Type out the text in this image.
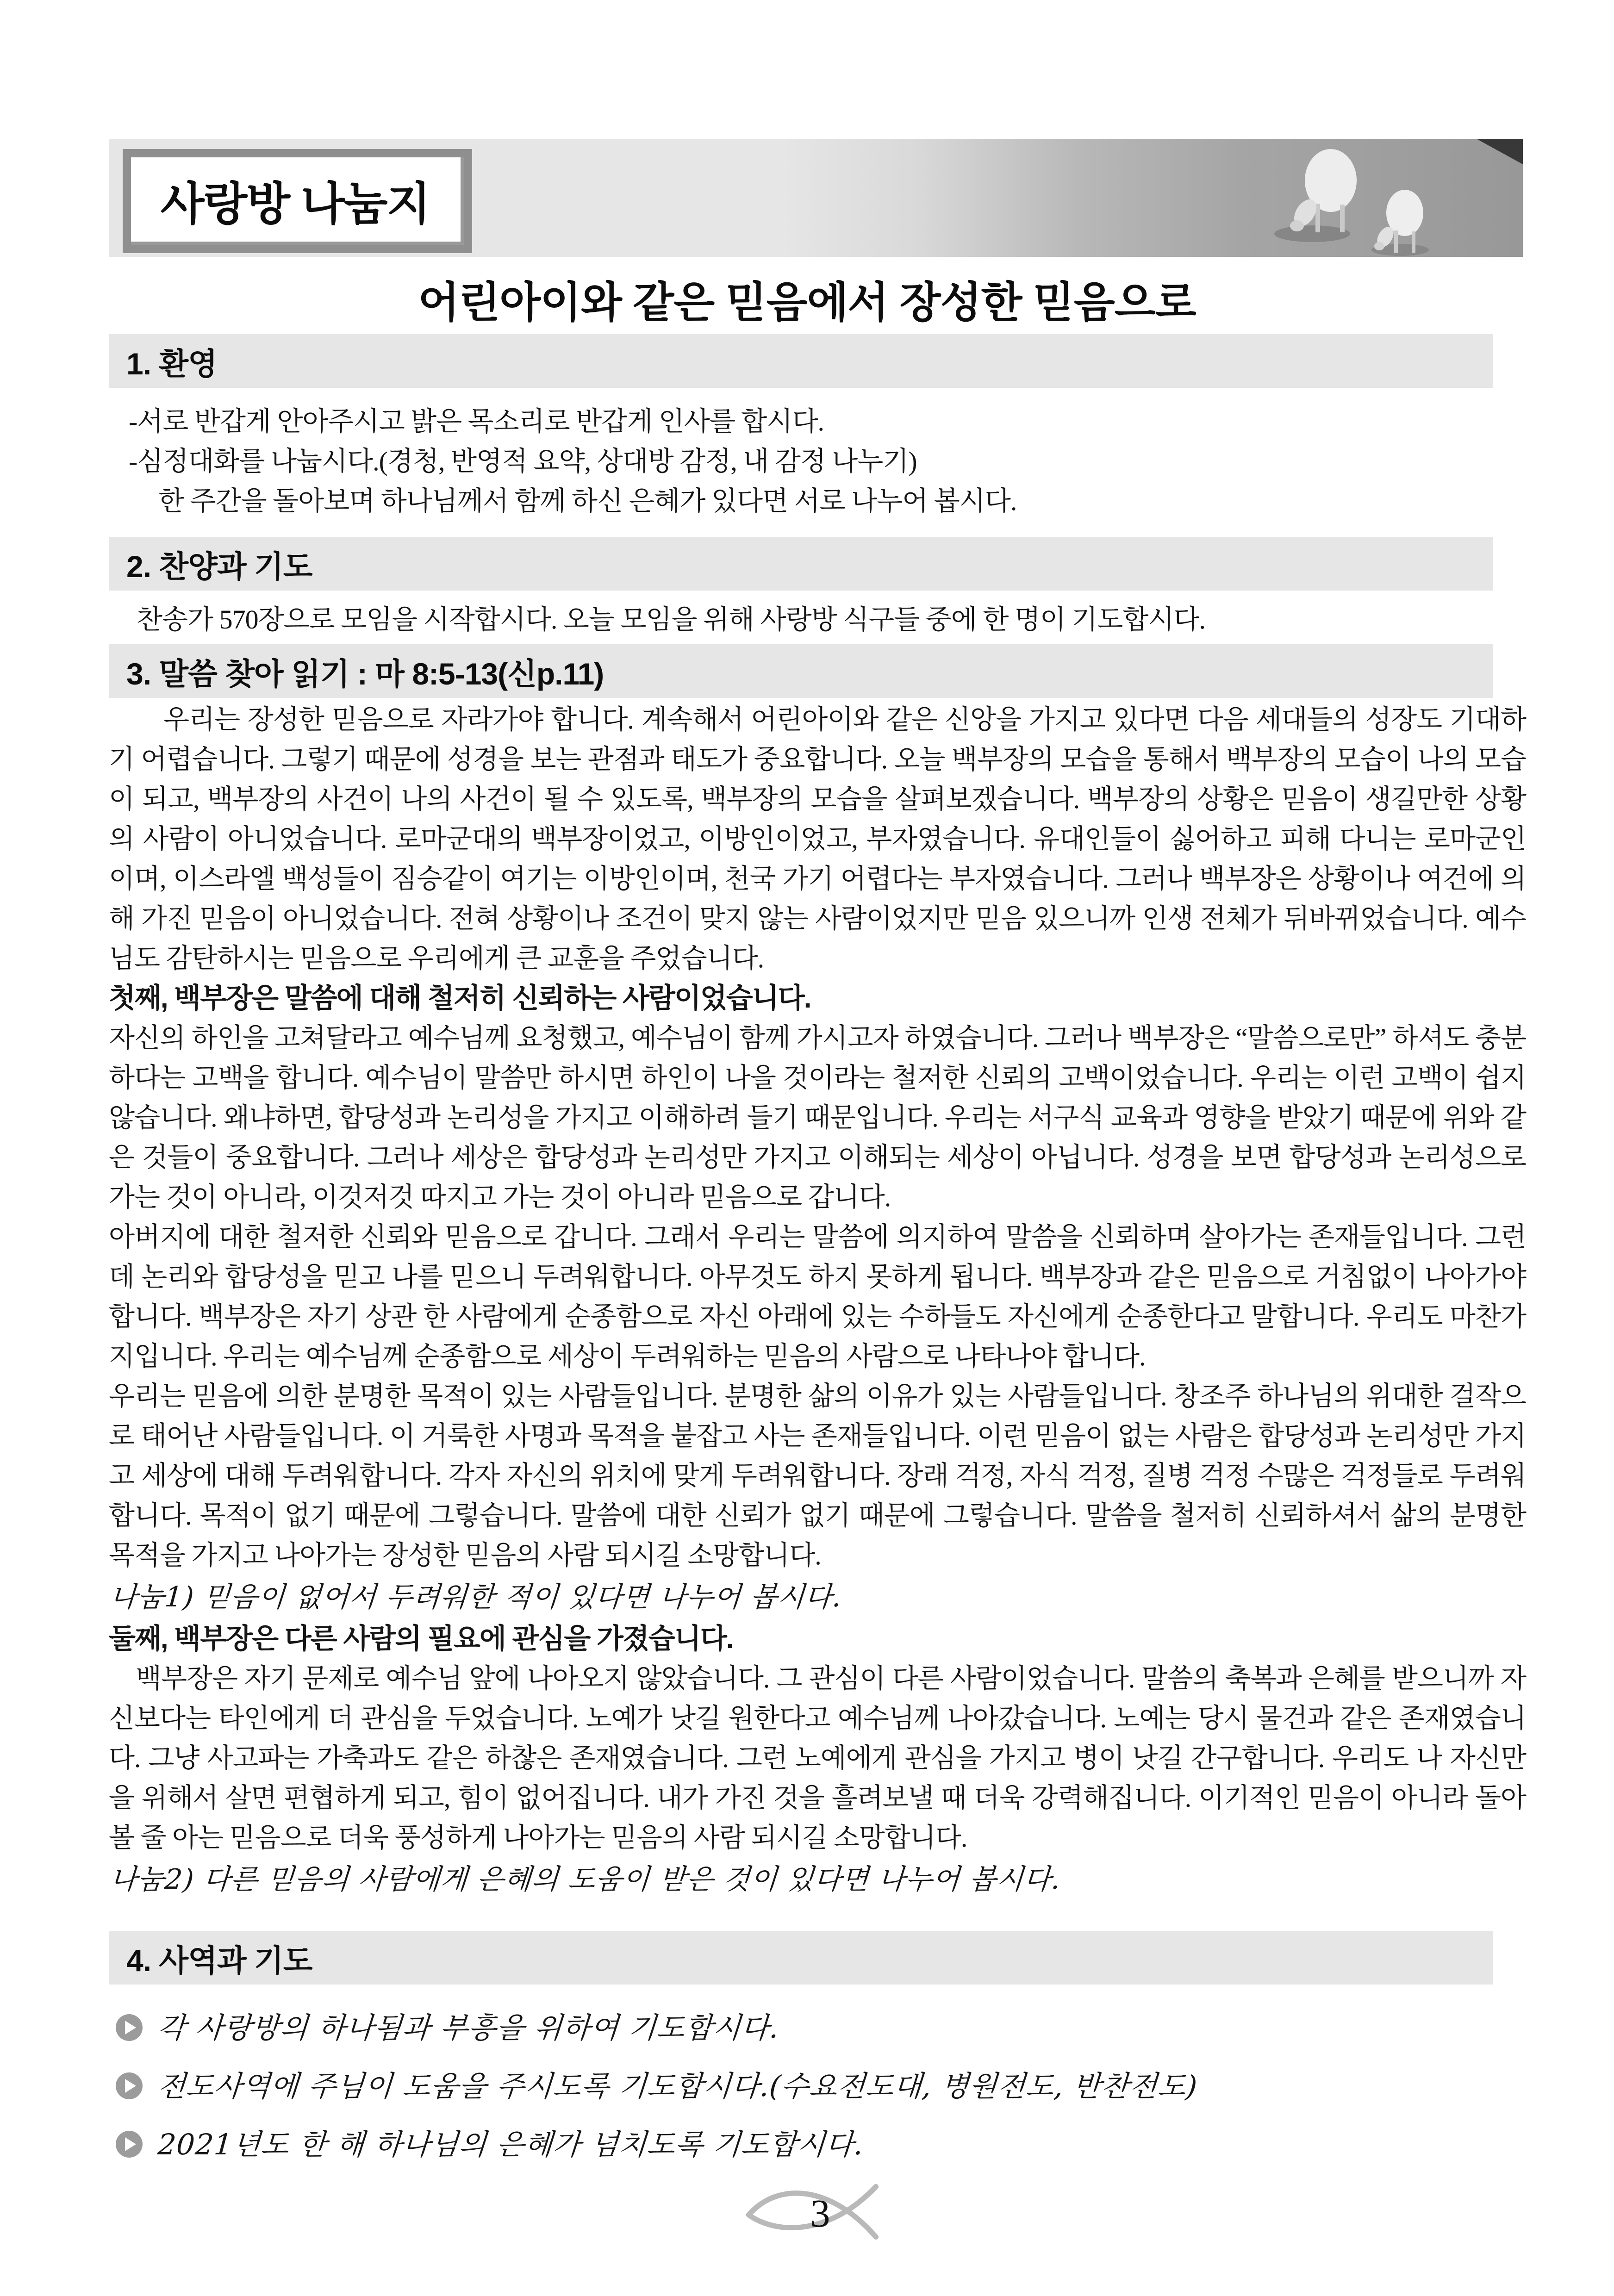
사랑방 나눔지
어린아이와 같은 믿음에서 장성한 믿음으로
1. 환영
-서로 반갑게 안아주시고 밝은 목소리로 반갑게 인사를 합시다.
-심정대화를 나눕시다.(경청, 반영적 요약, 상대방 감정, 내 감정 나누기)
한 주간을 돌아보며 하나님께서 함께 하신 은혜가 있다면 서로 나누어 봅시다.
2. 찬양과 기도
찬송가 570장으로 모임을 시작합시다. 오늘 모임을 위해 사랑방 식구들 중에 한 명이 기도합시다.
3. 말씀 찾아 읽기 : 마 8:5-13(신p.11)

우리는 장성한 믿음으로 자라가야 합니다. 계속해서 어린아이와 같은 신앙을 가지고 있다면 다음 세대들의 성장도 기대하기 어렵습니다. 그렇기 때문에 성경을 보는 관점과 태도가 중요합니다. 오늘 백부장의 모습을 통해서 백부장의 모습이 나의 모습이 되고, 백부장의 사건이 나의 사건이 될 수 있도록, 백부장의 모습을 살펴보겠습니다. 백부장의 상황은 믿음이 생길만한 상황의 사람이 아니었습니다. 로마군대의 백부장이었고, 이방인이었고, 부자였습니다. 유대인들이 싫어하고 피해 다니는 로마군인 이며, 이스라엘 백성들이 짐승같이 여기는 이방인이며, 천국 가기 어렵다는 부자였습니다. 그러나 백부장은 상황이나 여건에 의해 가진 믿음이 아니었습니다. 전혀 상황이나 조건이 맞지 않는 사람이었지만 믿음 있으니까 인생 전체가 뒤바뀌었습니다. 예수님도 감탄하시는 믿음으로 우리에게 큰 교훈을 주었습니다.

첫째, 백부장은 말씀에 대해 철저히 신뢰하는 사람이었습니다.

자신의 하인을 고쳐달라고 예수님께 요청했고, 예수님이 함께 가시고자 하였습니다. 그러나 백부장은 “말씀으로만” 하셔도 충분하다는 고백을 합니다. 예수님이 말씀만 하시면 하인이 나을 것이라는 철저한 신뢰의 고백이었습니다. 우리는 이런 고백이 쉽지 않습니다. 왜냐하면, 합당성과 논리성을 가지고 이해하려 들기 때문입니다. 우리는 서구식 교육과 영향을 받았기 때문에 위와 같은 것들이 중요합니다. 그러나 세상은 합당성과 논리성만 가지고 이해되는 세상이 아닙니다. 성경을 보면 합당성과 논리성으로 가는 것이 아니라, 이것저것 따지고 가는 것이 아니라 믿음으로 갑니다.

아버지에 대한 철저한 신뢰와 믿음으로 갑니다. 그래서 우리는 말씀에 의지하여 말씀을 신뢰하며 살아가는 존재들입니다. 그런데 논리와 합당성을 믿고 나를 믿으니 두려워합니다. 아무것도 하지 못하게 됩니다. 백부장과 같은 믿음으로 거침없이 나아가야 합니다. 백부장은 자기 상관 한 사람에게 순종함으로 자신 아래에 있는 수하들도 자신에게 순종한다고 말합니다. 우리도 마찬가지입니다. 우리는 예수님께 순종함으로 세상이 두려워하는 믿음의 사람으로 나타나야 합니다.

우리는 믿음에 의한 분명한 목적이 있는 사람들입니다. 분명한 삶의 이유가 있는 사람들입니다. 창조주 하나님의 위대한 걸작으로 태어난 사람들입니다. 이 거룩한 사명과 목적을 붙잡고 사는 존재들입니다. 이런 믿음이 없는 사람은 합당성과 논리성만 가지고 세상에 대해 두려워합니다. 각자 자신의 위치에 맞게 두려워합니다. 장래 걱정, 자식 걱정, 질병 걱정 수많은 걱정들로 두려워합니다. 목적이 없기 때문에 그렇습니다. 말씀에 대한 신뢰가 없기 때문에 그렇습니다. 말씀을 철저히 신뢰하셔서 삶의 분명한 목적을 가지고 나아가는 장성한 믿음의 사람 되시길 소망합니다.

나눔1) 믿음이 없어서 두려워한 적이 있다면 나누어 봅시다.

둘째, 백부장은 다른 사람의 필요에 관심을 가졌습니다.

백부장은 자기 문제로 예수님 앞에 나아오지 않았습니다. 그 관심이 다른 사람이었습니다. 말씀의 축복과 은혜를 받으니까 자신보다는 타인에게 더 관심을 두었습니다. 노예가 낫길 원한다고 예수님께 나아갔습니다. 노예는 당시 물건과 같은 존재였습니다. 그냥 사고파는 가축과도 같은 하찮은 존재였습니다. 그런 노예에게 관심을 가지고 병이 낫길 간구합니다. 우리도 나 자신만을 위해서 살면 편협하게 되고, 힘이 없어집니다. 내가 가진 것을 흘려보낼 때 더욱 강력해집니다. 이기적인 믿음이 아니라 돌아볼 줄 아는 믿음으로 더욱 풍성하게 나아가는 믿음의 사람 되시길 소망합니다.

나눔2) 다른 믿음의 사람에게 은혜의 도움이 받은 것이 있다면 나누어 봅시다.

4. 사역과 기도
각 사랑방의 하나됨과 부흥을 위하여 기도합시다.
전도사역에 주님이 도움을 주시도록 기도합시다.(수요전도대, 병원전도, 반찬전도)
2021년도 한 해 하나님의 은혜가 넘치도록 기도합시다.
3
